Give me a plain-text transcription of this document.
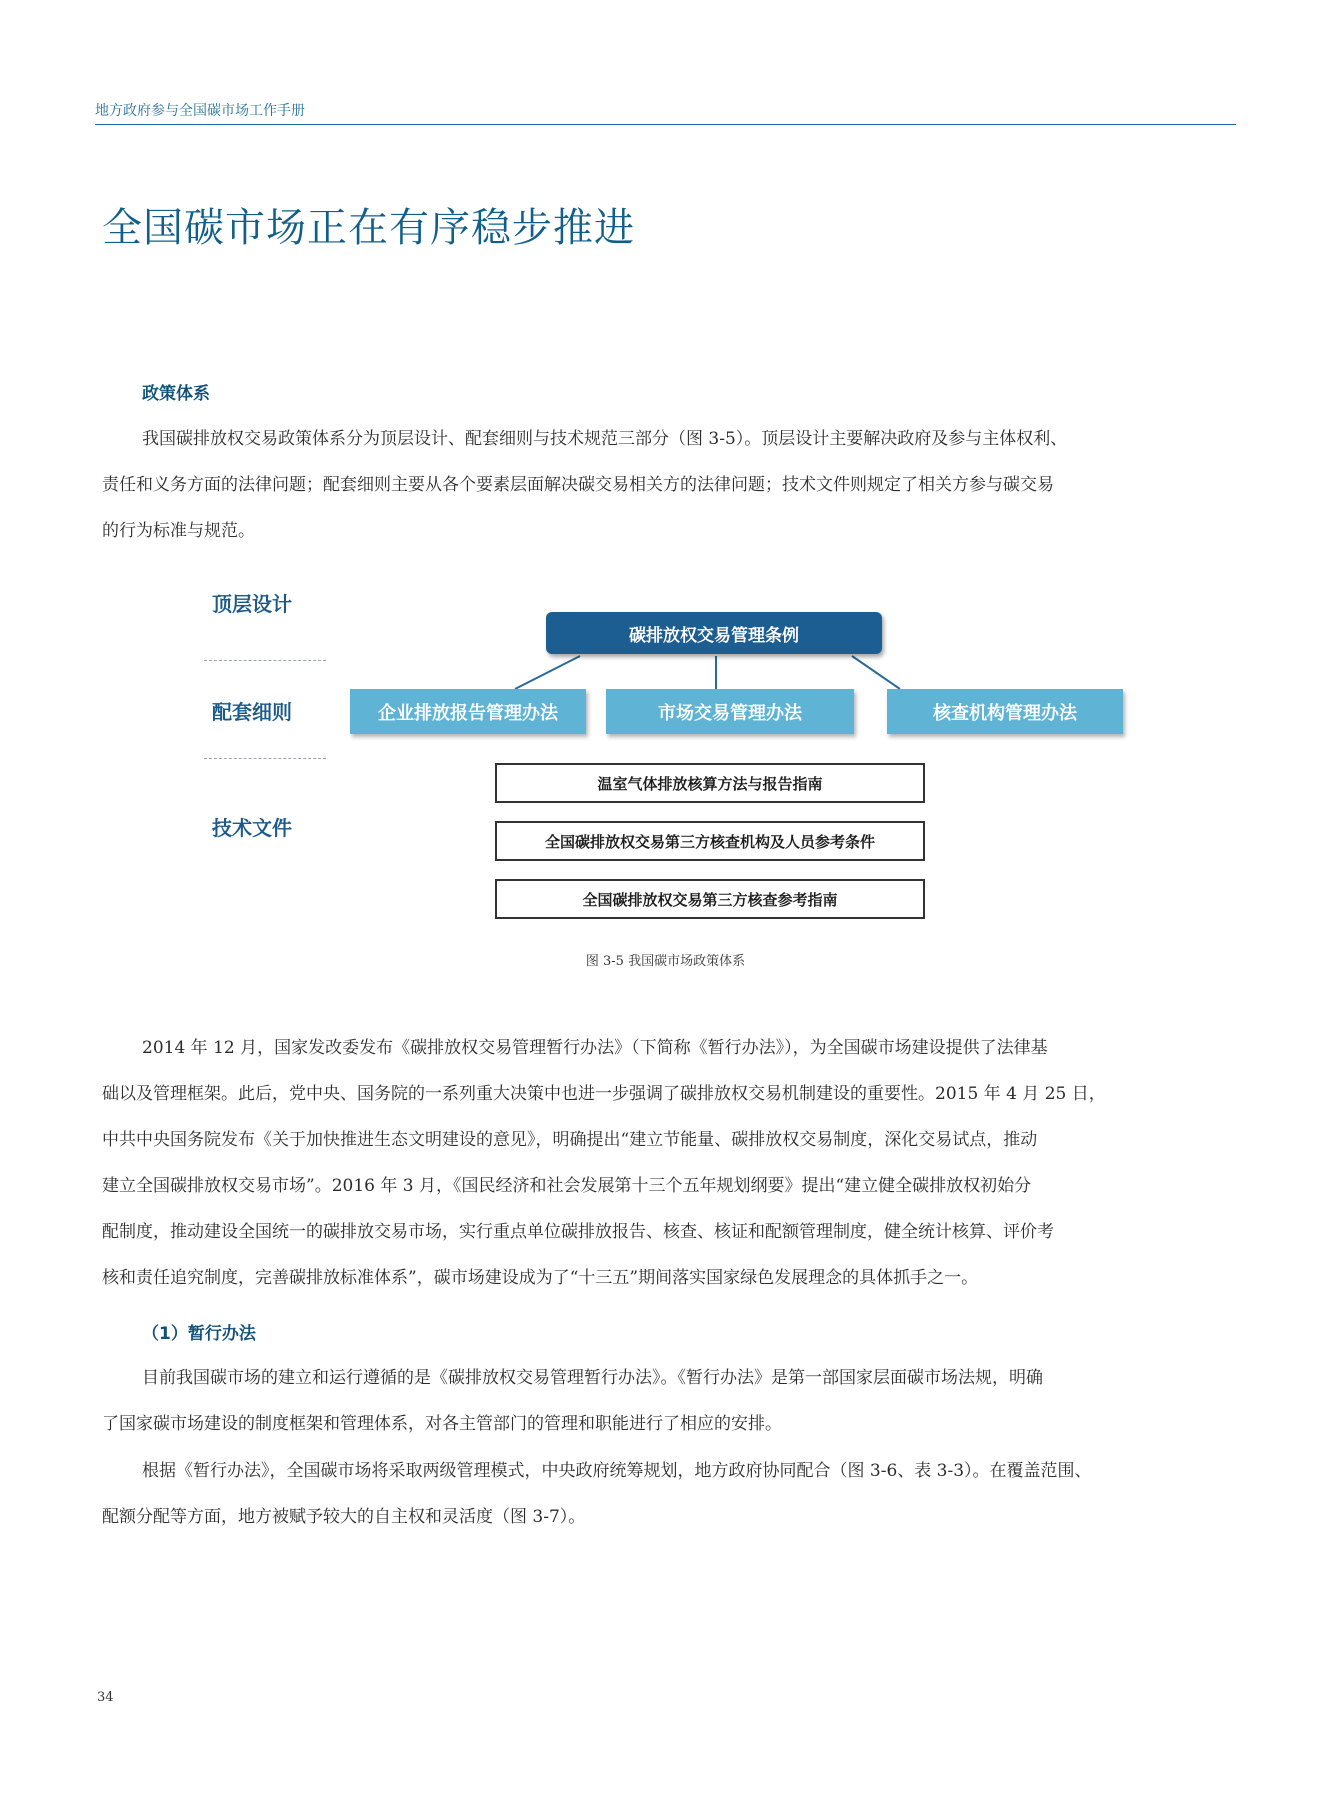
地方政府参与全国碳市场工作手册
全国碳市场正在有序稳步推进
政策体系

我国碳排放权交易政策体系分为顶层设计、配套细则与技术规范三部分（图 3-5）。顶层设计主要解决政府及参与主体权利、
责任和义务方面的法律问题；配套细则主要从各个要素层面解决碳交易相关方的法律问题；技术文件则规定了相关方参与碳交易
的行为标准与规范。

顶层设计
配套细则
技术文件
碳排放权交易管理条例
企业排放报告管理办法	市场交易管理办法	核查机构管理办法
温室气体排放核算方法与报告指南
全国碳排放权交易第三方核查机构及人员参考条件
全国碳排放权交易第三方核查参考指南
图 3-5 我国碳市场政策体系

2014 年 12 月，国家发改委发布《碳排放权交易管理暂行办法》（下简称《暂行办法》），为全国碳市场建设提供了法律基
础以及管理框架。此后，党中央、国务院的一系列重大决策中也进一步强调了碳排放权交易机制建设的重要性。2015 年 4 月 25 日，
中共中央国务院发布《关于加快推进生态文明建设的意见》，明确提出“建立节能量、碳排放权交易制度，深化交易试点，推动
建立全国碳排放权交易市场”。2016 年 3 月，《国民经济和社会发展第十三个五年规划纲要》提出“建立健全碳排放权初始分
配制度，推动建设全国统一的碳排放交易市场，实行重点单位碳排放报告、核查、核证和配额管理制度，健全统计核算、评价考
核和责任追究制度，完善碳排放标准体系”，碳市场建设成为了“十三五”期间落实国家绿色发展理念的具体抓手之一。

（1）暂行办法

目前我国碳市场的建立和运行遵循的是《碳排放权交易管理暂行办法》。《暂行办法》是第一部国家层面碳市场法规，明确
了国家碳市场建设的制度框架和管理体系，对各主管部门的管理和职能进行了相应的安排。

根据《暂行办法》，全国碳市场将采取两级管理模式，中央政府统筹规划，地方政府协同配合（图 3-6、表 3-3）。在覆盖范围、
配额分配等方面，地方被赋予较大的自主权和灵活度（图 3-7）。

34
